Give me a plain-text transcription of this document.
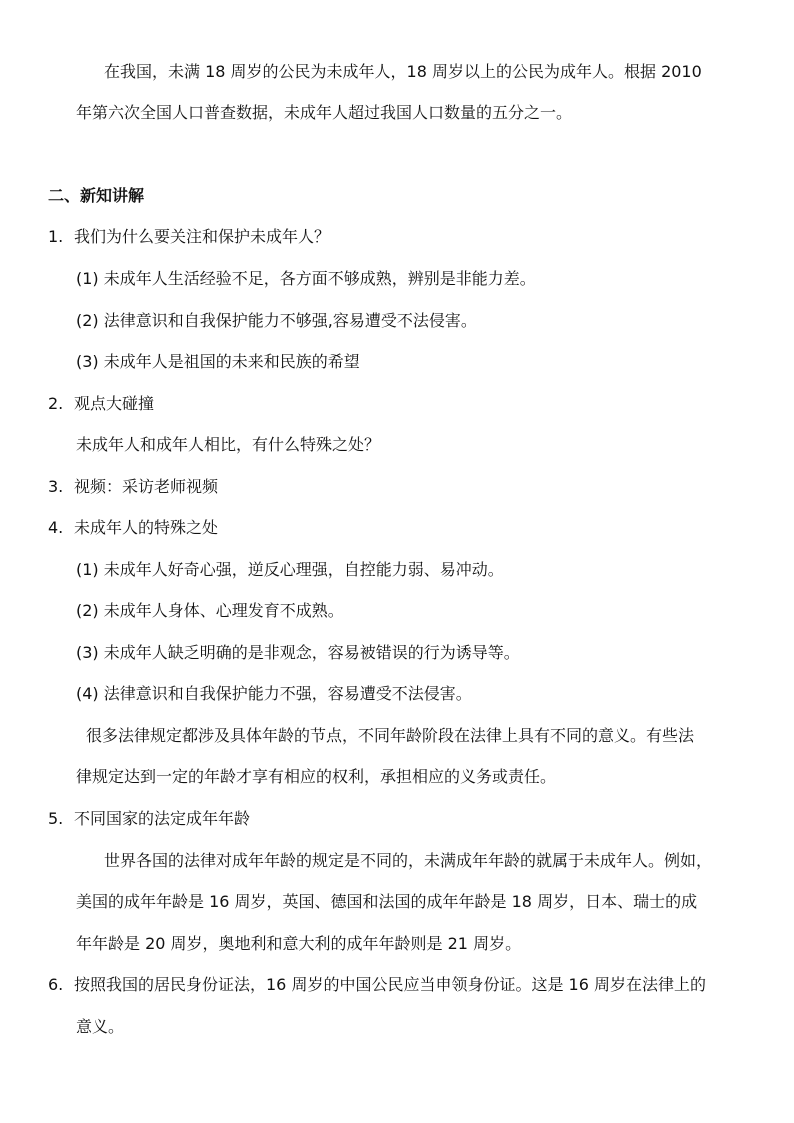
在我国，未满 18 周岁的公民为未成年人，18 周岁以上的公民为成年人。根据 2010
年第六次全国人口普查数据，未成年人超过我国人口数量的五分之一。
二、新知讲解
1. 我们为什么要关注和保护未成年人？
(1) 未成年人生活经验不足，各方面不够成熟，辨别是非能力差。
(2) 法律意识和自我保护能力不够强,容易遭受不法侵害。
(3) 未成年人是祖国的未来和民族的希望
2. 观点大碰撞
未成年人和成年人相比，有什么特殊之处？
3. 视频：采访老师视频
4. 未成年人的特殊之处
(1) 未成年人好奇心强，逆反心理强，自控能力弱、易冲动。
(2) 未成年人身体、心理发育不成熟。
(3) 未成年人缺乏明确的是非观念，容易被错误的行为诱导等。
(4) 法律意识和自我保护能力不强，容易遭受不法侵害。
很多法律规定都涉及具体年龄的节点，不同年龄阶段在法律上具有不同的意义。有些法
律规定达到一定的年龄才享有相应的权利，承担相应的义务或责任。
5. 不同国家的法定成年年龄
世界各国的法律对成年年龄的规定是不同的，未满成年年龄的就属于未成年人。例如，
美国的成年年龄是 16 周岁，英国、德国和法国的成年年龄是 18 周岁，日本、瑞士的成
年年龄是 20 周岁，奥地利和意大利的成年年龄则是 21 周岁。
6. 按照我国的居民身份证法，16 周岁的中国公民应当申领身份证。这是 16 周岁在法律上的
意义。
